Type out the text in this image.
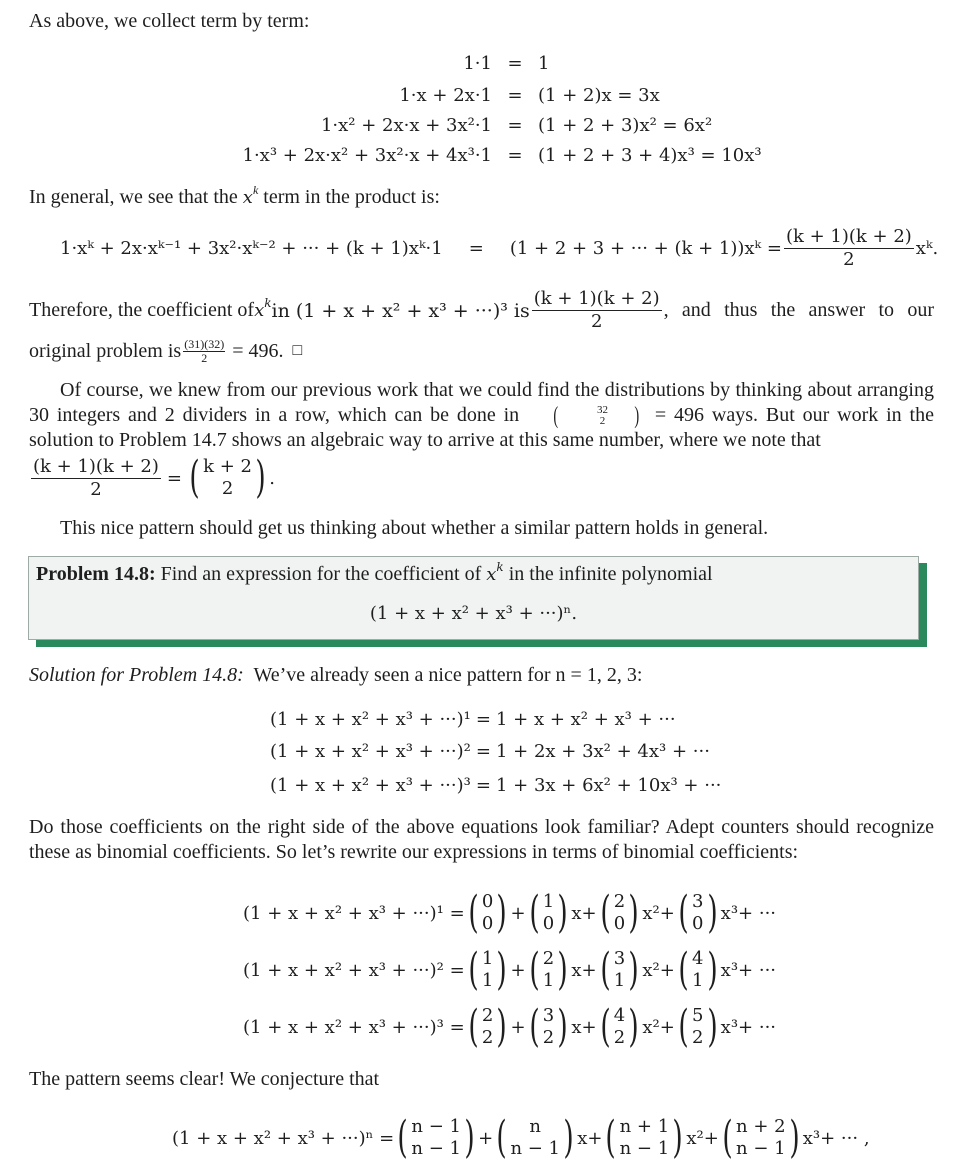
As above, we collect term by term:
1·1 = 1
1·x + 2x·1 = (1 + 2)x = 3x
1·x² + 2x·x + 3x²·1 = (1 + 2 + 3)x² = 6x²
1·x³ + 2x·x² + 3x²·x + 4x³·1 = (1 + 2 + 3 + 4)x³ = 10x³
In general, we see that the $x^k$ term in the product is:
1·xᵏ + 2x·xᵏ⁻¹ + 3x²·xᵏ⁻² + ··· + (k + 1)xᵏ·1 = (1 + 2 + 3 + ··· + (k + 1))xᵏ = $\frac{(k + 1)(k + 2)}{2}$ xᵏ.
Therefore, the coefficient of $x^k$ in (1 + x + x² + x³ + ···)³ is $\frac{(k + 1)(k + 2)}{2}$ , and thus the answer to our
original problem is $\frac{(31)(32)}{2} = 496$. □
Of course, we knew from our previous work that we could find the distributions by thinking about arranging 30 integers and 2 dividers in a row, which can be done in	(	32
2	) = 496 ways. But our work in the solution to Problem 14.7 shows an algebraic way to arrive at this same number, where we note that
$\frac{(k + 1)(k + 2)}{2}$ = ( k + 2
2 ) .
This nice pattern should get us thinking about whether a similar pattern holds in general.
Problem 14.8: Find an expression for the coefficient of $x^k$ in the infinite polynomial
(1 + x + x² + x³ + ···)ⁿ.
Solution for Problem 14.8:  We’ve already seen a nice pattern for n = 1, 2, 3:
(1 + x + x² + x³ + ···)¹ = 1 + x + x² + x³ + ···
(1 + x + x² + x³ + ···)² = 1 + 2x + 3x² + 4x³ + ···
(1 + x + x² + x³ + ···)³ = 1 + 3x + 6x² + 10x³ + ···
Do those coefficients on the right side of the above equations look familiar? Adept counters should recognize these as binomial coefficients. So let’s rewrite our expressions in terms of binomial coefficients:
(1 + x + x² + x³ + ···)¹ = ( 0
0 ) + ( 1
0 ) x + ( 2
0 ) x² + ( 3
0 ) x³ + ···
(1 + x + x² + x³ + ···)² = ( 1
1 ) + ( 2
1 ) x + ( 3
1 ) x² + ( 4
1 ) x³ + ···
(1 + x + x² + x³ + ···)³ = ( 2
2 ) + ( 3
2 ) x + ( 4
2 ) x² + ( 5
2 ) x³ + ···
The pattern seems clear! We conjecture that
(1 + x + x² + x³ + ···)ⁿ = ( n − 1
n − 1 ) + ( n
n − 1 ) x + ( n + 1
n − 1 ) x² + ( n + 2
n − 1 ) x³ + ··· ,
